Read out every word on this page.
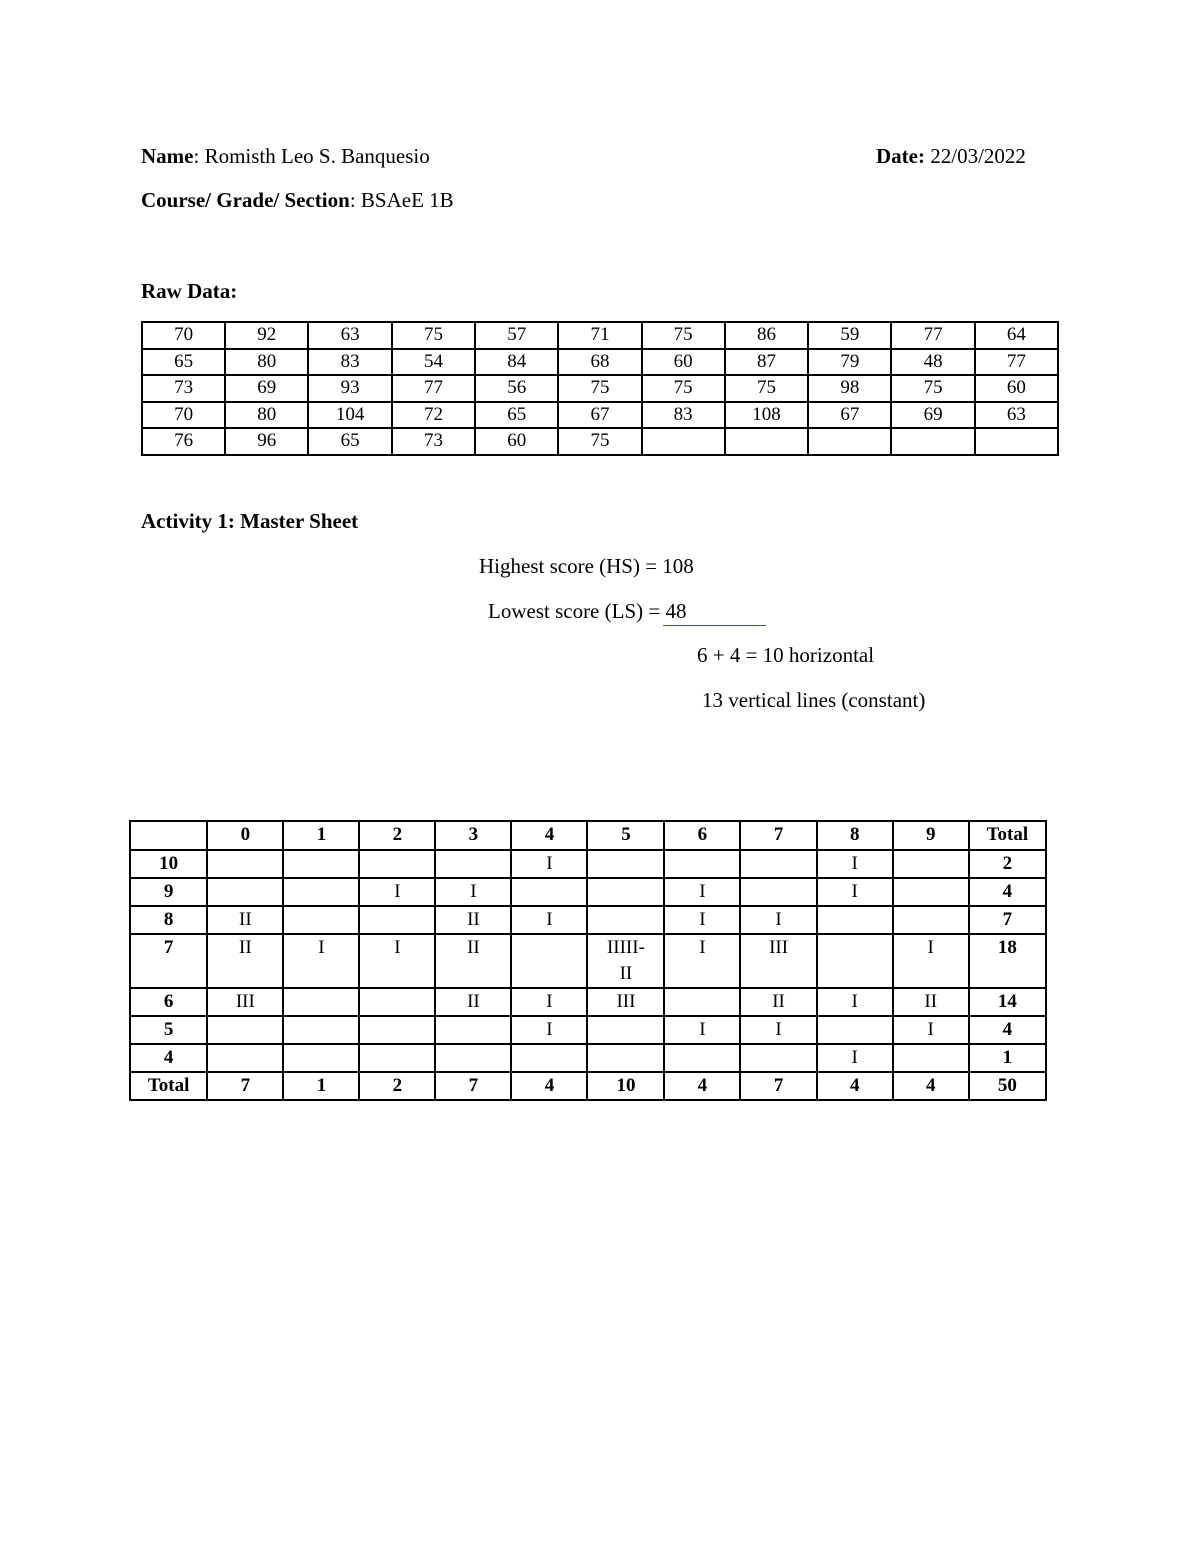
Name: Romisth Leo S. Banquesio	Date: 22/03/2022
Course/ Grade/ Section: BSAeE 1B
Raw Data:
70	92	63	75	57	71	75	86	59	77	64
65	80	83	54	84	68	60	87	79	48	77
73	69	93	77	56	75	75	75	98	75	60
70	80	104	72	65	67	83	108	67	69	63
76	96	65	73	60	75					
Activity 1: Master Sheet
Highest score (HS) = 108
Lowest score (LS) = 48
6 + 4 = 10 horizontal
13 vertical lines (constant)
	0	1	2	3	4	5	6	7	8	9	Total
10					I				I		2
9			I	I			I		I		4
8	II			II	I		I	I			7
7	II	I	I	II		IIIII-
II	I	III		I	18
6	III			II	I	III		II	I	II	14
5					I		I	I		I	4
4									I		1
Total	7	1	2	7	4	10	4	7	4	4	50
